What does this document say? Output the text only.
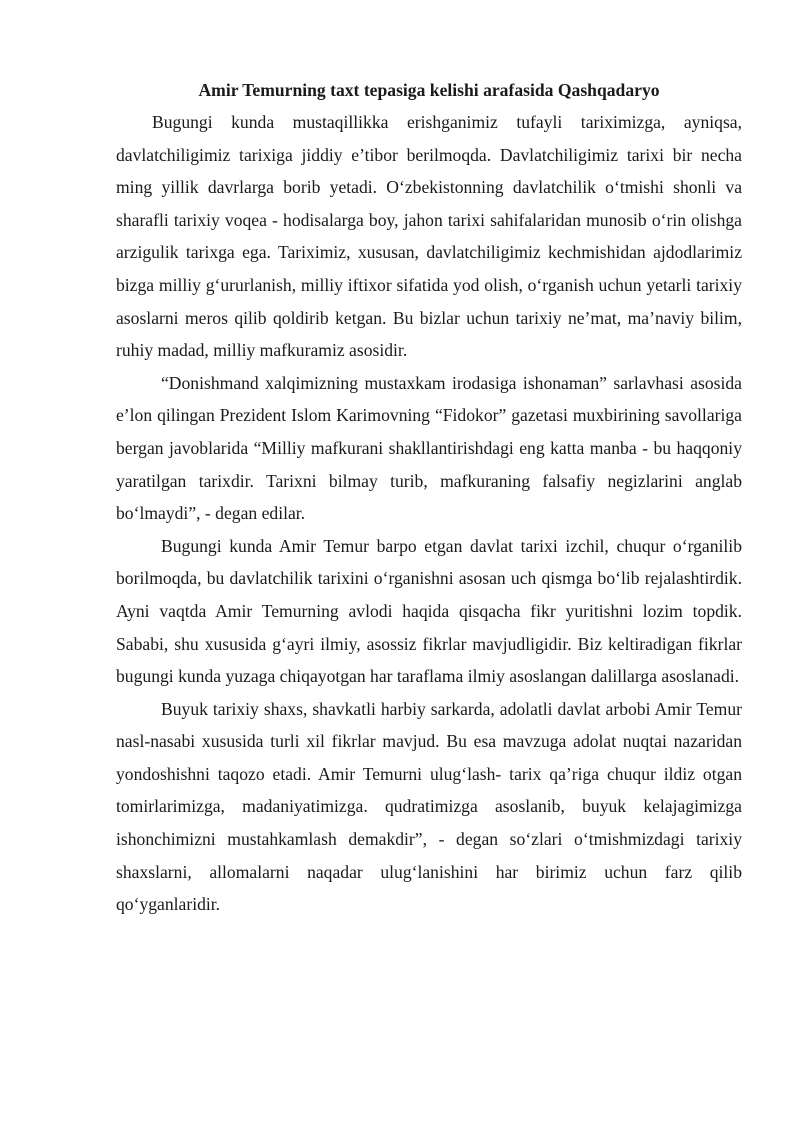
Amir Temurning taxt tepasiga kelishi arafasida Qashqadaryo

Bugungi kunda mustaqillikka erishganimiz tufayli tariximizga, ayniqsa, davlatchiligimiz tarixiga jiddiy e’tibor berilmoqda. Davlatchiligimiz tarixi bir necha ming yillik davrlarga borib yetadi. O‘zbekistonning davlatchilik o‘tmishi shonli va sharafli tarixiy voqea - hodisalarga boy, jahon tarixi sahifalaridan munosib o‘rin olishga arzigulik tarixga ega. Tariximiz, xususan, davlatchiligimiz kechmishidan ajdodlarimiz bizga milliy g‘ururlanish, milliy iftixor sifatida yod olish, o‘rganish uchun yetarli tarixiy asoslarni meros qilib qoldirib ketgan. Bu bizlar uchun tarixiy ne’mat, ma’naviy bilim, ruhiy madad, milliy mafkuramiz asosidir.

“Donishmand xalqimizning mustaxkam irodasiga ishonaman” sarlavhasi asosida e’lon qilingan Prezident Islom Karimovning “Fidokor” gazetasi muxbirining savollariga bergan javoblarida “Milliy mafkurani shakllantirishdagi eng katta manba - bu haqqoniy yaratilgan tarixdir. Tarixni bilmay turib, mafkuraning falsafiy negizlarini anglab bo‘lmaydi”, - degan edilar.

Bugungi kunda Amir Temur barpo etgan davlat tarixi izchil, chuqur o‘rganilib borilmoqda, bu davlatchilik tarixini o‘rganishni asosan uch qismga bo‘lib rejalashtirdik. Ayni vaqtda Amir Temurning avlodi haqida qisqacha fikr yuritishni lozim topdik. Sababi, shu xususida g‘ayri ilmiy, asossiz fikrlar mavjudligidir. Biz keltiradigan fikrlar bugungi kunda yuzaga chiqayotgan har taraflama ilmiy asoslangan dalillarga asoslanadi.

Buyuk tarixiy shaxs, shavkatli harbiy sarkarda, adolatli davlat arbobi Amir Temur nasl-nasabi xususida turli xil fikrlar mavjud. Bu esa mavzuga adolat nuqtai nazaridan yondoshishni taqozo etadi. Amir Temurni ulug‘lash- tarix qa’riga chuqur ildiz otgan tomirlarimizga, madaniyatimizga. qudratimizga asoslanib, buyuk kelajagimizga ishonchimizni mustahkamlash demakdir”, - degan so‘zlari o‘tmishmizdagi tarixiy shaxslarni, allomalarni naqadar ulug‘lanishini har birimiz uchun farz qilib qo‘yganlaridir.
